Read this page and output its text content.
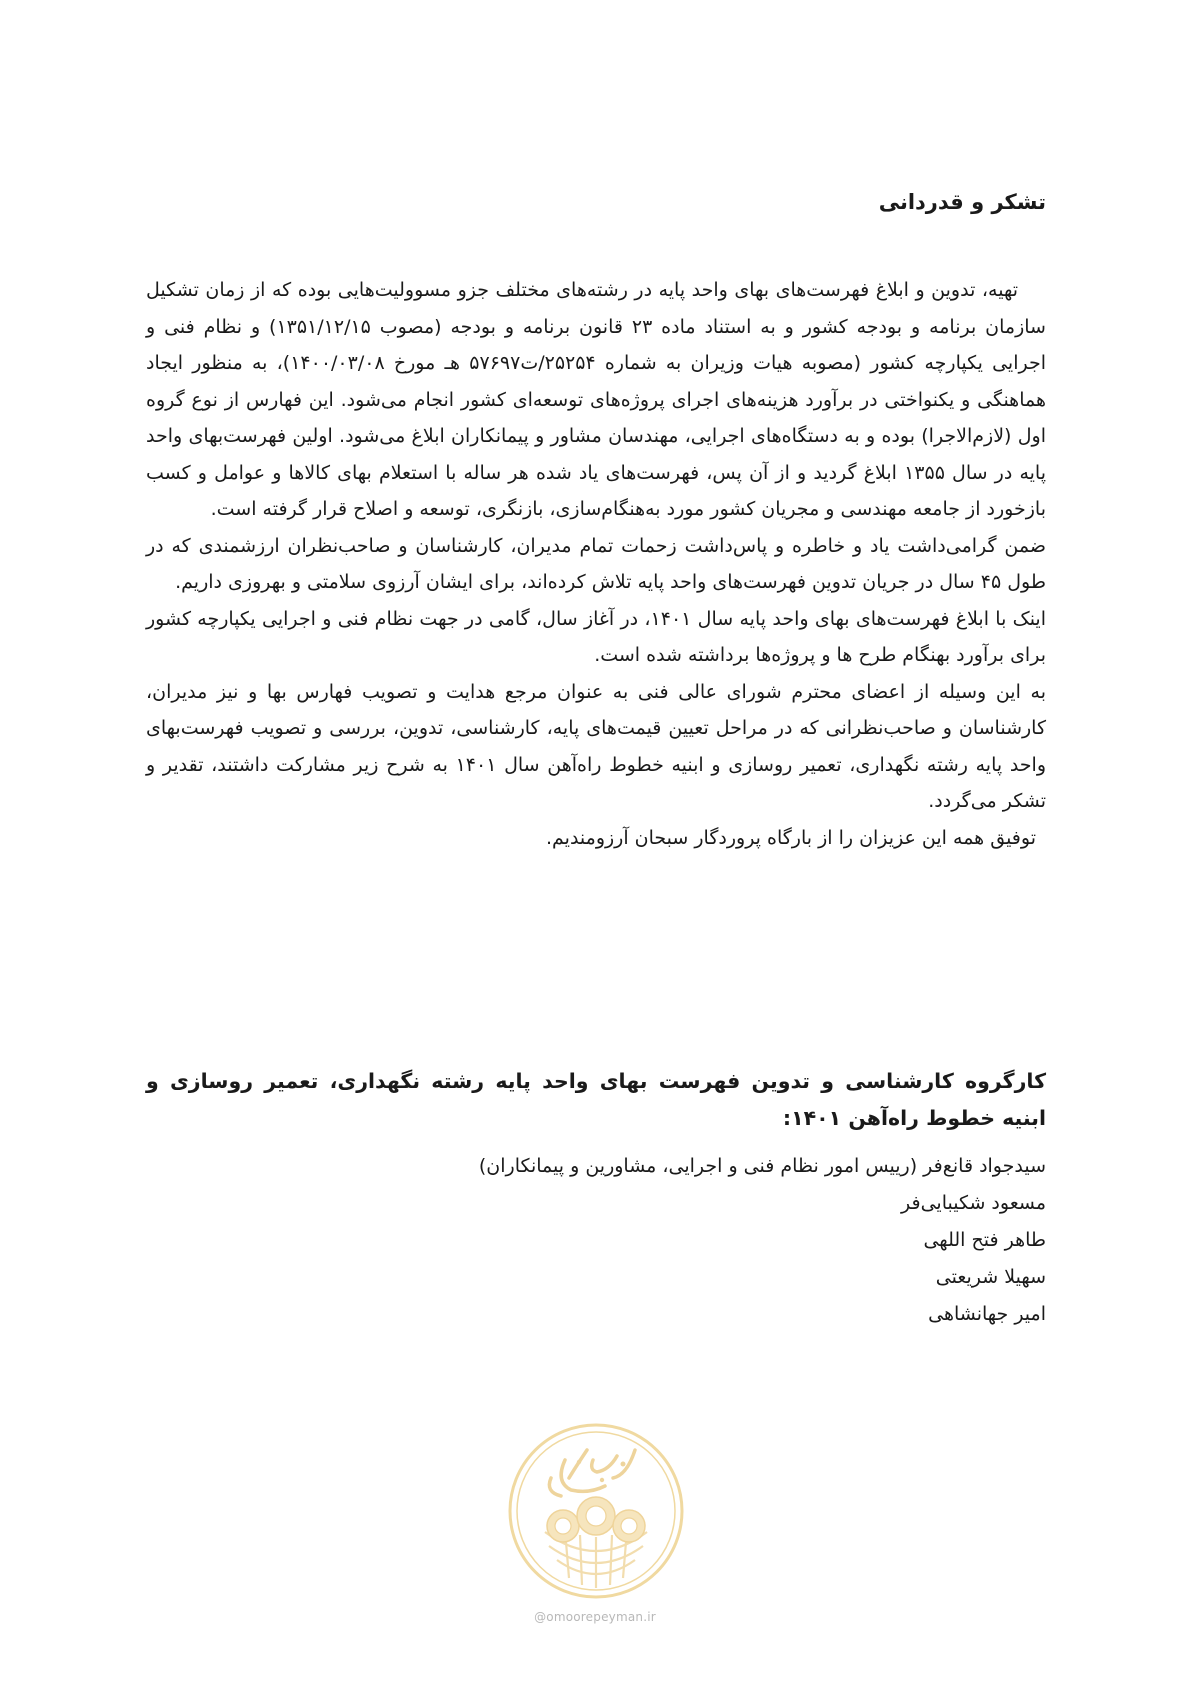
تشکر و قدردانی

تهیه، تدوین و ابلاغ فهرست‌های بهای واحد پایه در رشته‌های مختلف جزو مسوولیت‌هایی بوده که از زمان تشکیل سازمان برنامه و بودجه کشور و به استناد ماده ۲۳ قانون برنامه و بودجه (مصوب ۱۳۵۱/۱۲/۱۵) و نظام فنی و اجرایی یکپارچه کشور (مصوبه هیات وزیران به شماره ۲۵۲۵۴/ت۵۷۶۹۷ هـ مورخ ۱۴۰۰/۰۳/۰۸)، به منظور ایجاد هماهنگی و یکنواختی در برآورد هزینه‌های اجرای پروژه‌های توسعه‌ای کشور انجام می‌شود. این فهارس از نوع گروه اول (لازم‌الاجرا) بوده و به دستگاه‌های اجرایی، مهندسان مشاور و پیمانکاران ابلاغ می‌شود. اولین فهرست‌بهای واحد پایه در سال ۱۳۵۵ ابلاغ گردید و از آن پس، فهرست‌های یاد شده هر ساله با استعلام بهای کالاها و عوامل و کسب بازخورد از جامعه مهندسی و مجریان کشور مورد به‌هنگام‌سازی، بازنگری، توسعه و اصلاح قرار گرفته است.

ضمن گرامی‌داشت یاد و خاطره و پاس‌داشت زحمات تمام مدیران، کارشناسان و صاحب‌نظران ارزشمندی که در طول ۴۵ سال در جریان تدوین فهرست‌های واحد پایه تلاش کرده‌اند، برای ایشان آرزوی سلامتی و بهروزی داریم.

اینک با ابلاغ فهرست‌های بهای واحد پایه سال ۱۴۰۱، در آغاز سال، گامی در جهت نظام فنی و اجرایی یکپارچه کشور برای برآورد بهنگام طرح ها و پروژه‌ها برداشته شده است.

به این وسیله از اعضای محترم شورای عالی فنی به عنوان مرجع هدایت و تصویب فهارس بها و نیز مدیران، کارشناسان و صاحب‌نظرانی که در مراحل تعیین قیمت‌های پایه، کارشناسی، تدوین، بررسی و تصویب فهرست‌بهای واحد پایه رشته نگهداری، تعمیر روسازی و ابنیه خطوط راه‌آهن سال ۱۴۰۱ به شرح زیر مشارکت داشتند، تقدیر و تشکر می‌گردد.

توفیق همه این عزیزان را از بارگاه پروردگار سبحان آرزومندیم.

کارگروه کارشناسی و تدوین فهرست بهای واحد پایه رشته نگهداری، تعمیر روسازی و ابنیه خطوط راه‌آهن ۱۴۰۱:
سیدجواد قانع‌فر (رییس امور نظام فنی و اجرایی، مشاورین و پیمانکاران)
مسعود شکیبایی‌فر
طاهر فتح اللهی
سهیلا شریعتی
امیر جهانشاهی
@omoorepeyman.ir
